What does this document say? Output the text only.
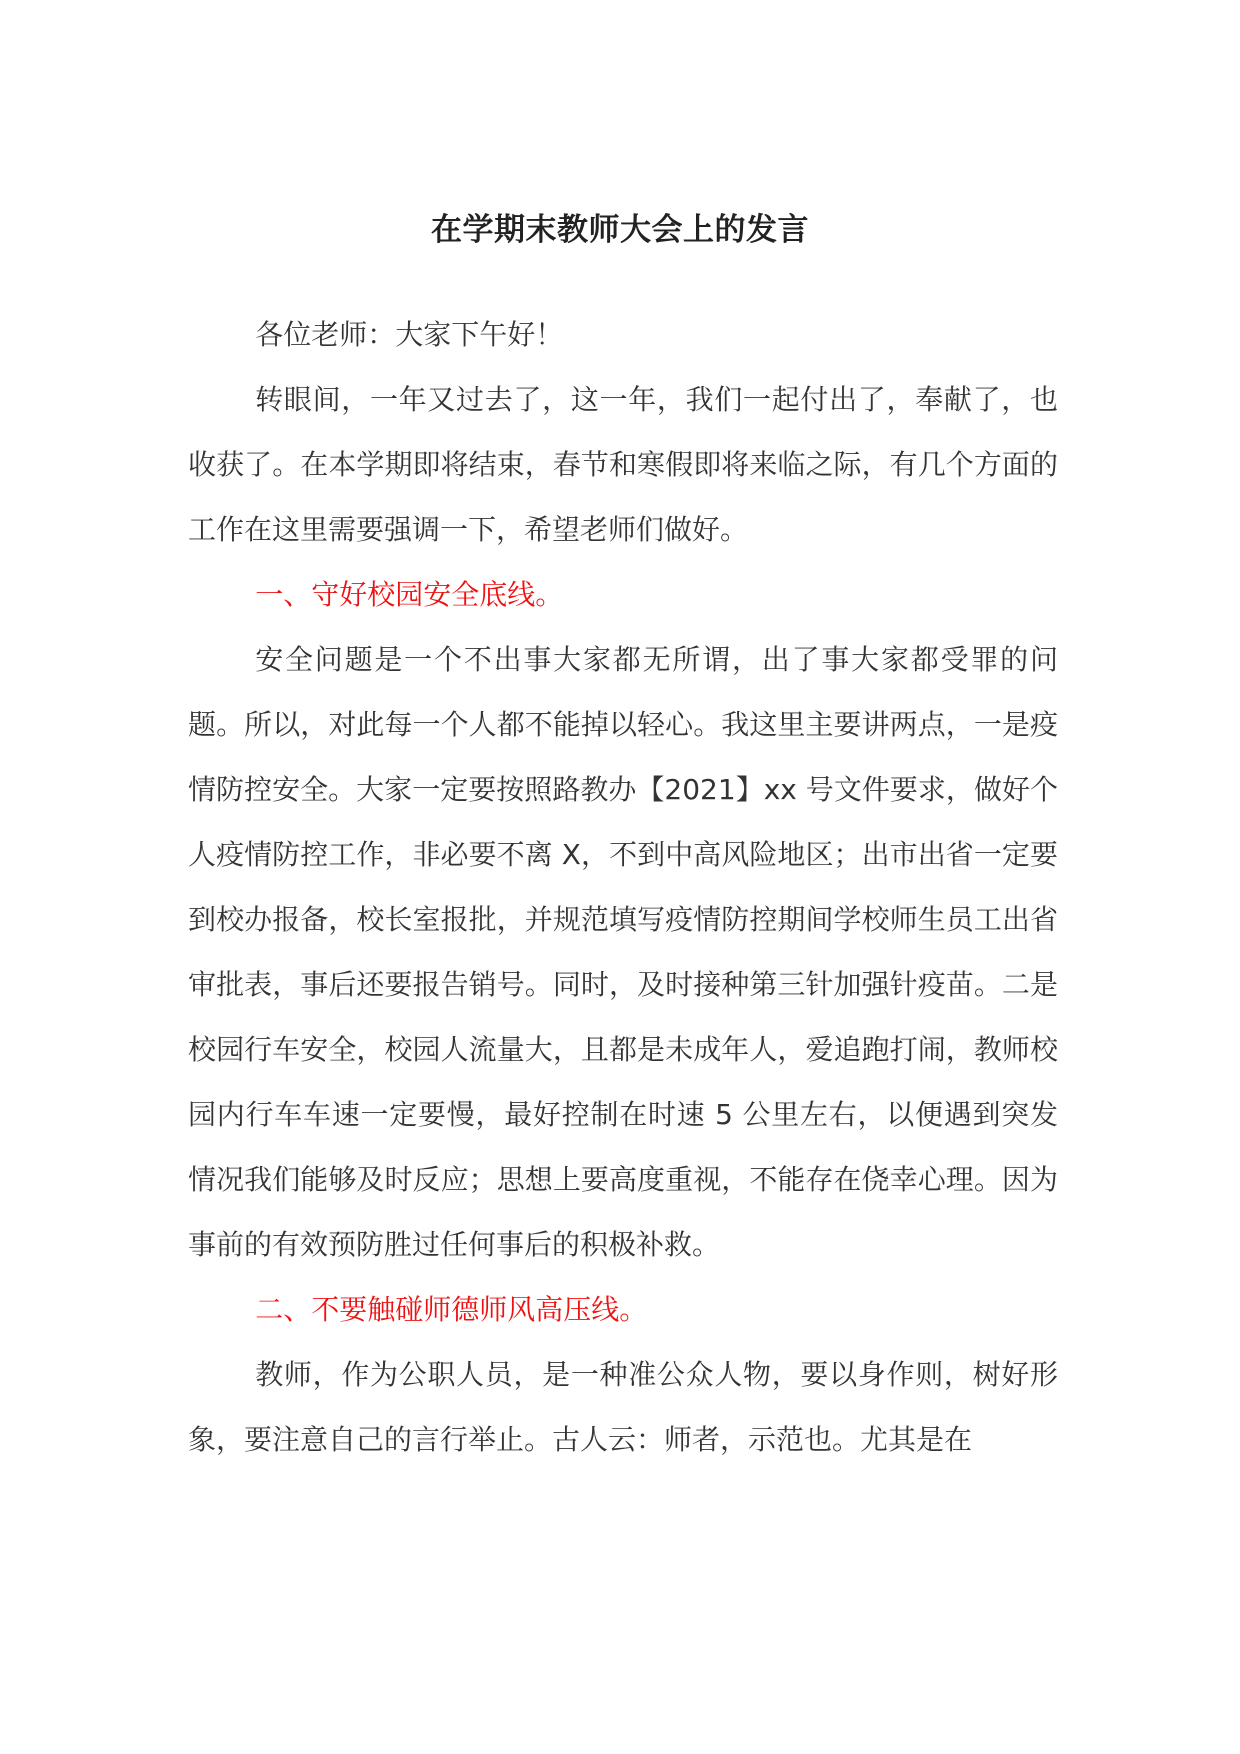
在学期末教师大会上的发言

各位老师：大家下午好！

转眼间，一年又过去了，这一年，我们一起付出了，奉献了，也收获了。在本学期即将结束，春节和寒假即将来临之际，有几个方面的工作在这里需要强调一下，希望老师们做好。

一、守好校园安全底线。

安全问题是一个不出事大家都无所谓，出了事大家都受罪的问题。所以，对此每一个人都不能掉以轻心。我这里主要讲两点，一是疫情防控安全。大家一定要按照路教办【2021】xx 号文件要求，做好个人疫情防控工作，非必要不离 X，不到中高风险地区；出市出省一定要到校办报备，校长室报批，并规范填写疫情防控期间学校师生员工出省审批表，事后还要报告销号。同时，及时接种第三针加强针疫苗。二是校园行车安全，校园人流量大，且都是未成年人，爱追跑打闹，教师校园内行车车速一定要慢，最好控制在时速 5 公里左右，以便遇到突发情况我们能够及时反应；思想上要高度重视，不能存在侥幸心理。因为事前的有效预防胜过任何事后的积极补救。

二、不要触碰师德师风高压线。

教师，作为公职人员，是一种准公众人物，要以身作则，树好形象，要注意自己的言行举止。古人云：师者，示范也。尤其是在
